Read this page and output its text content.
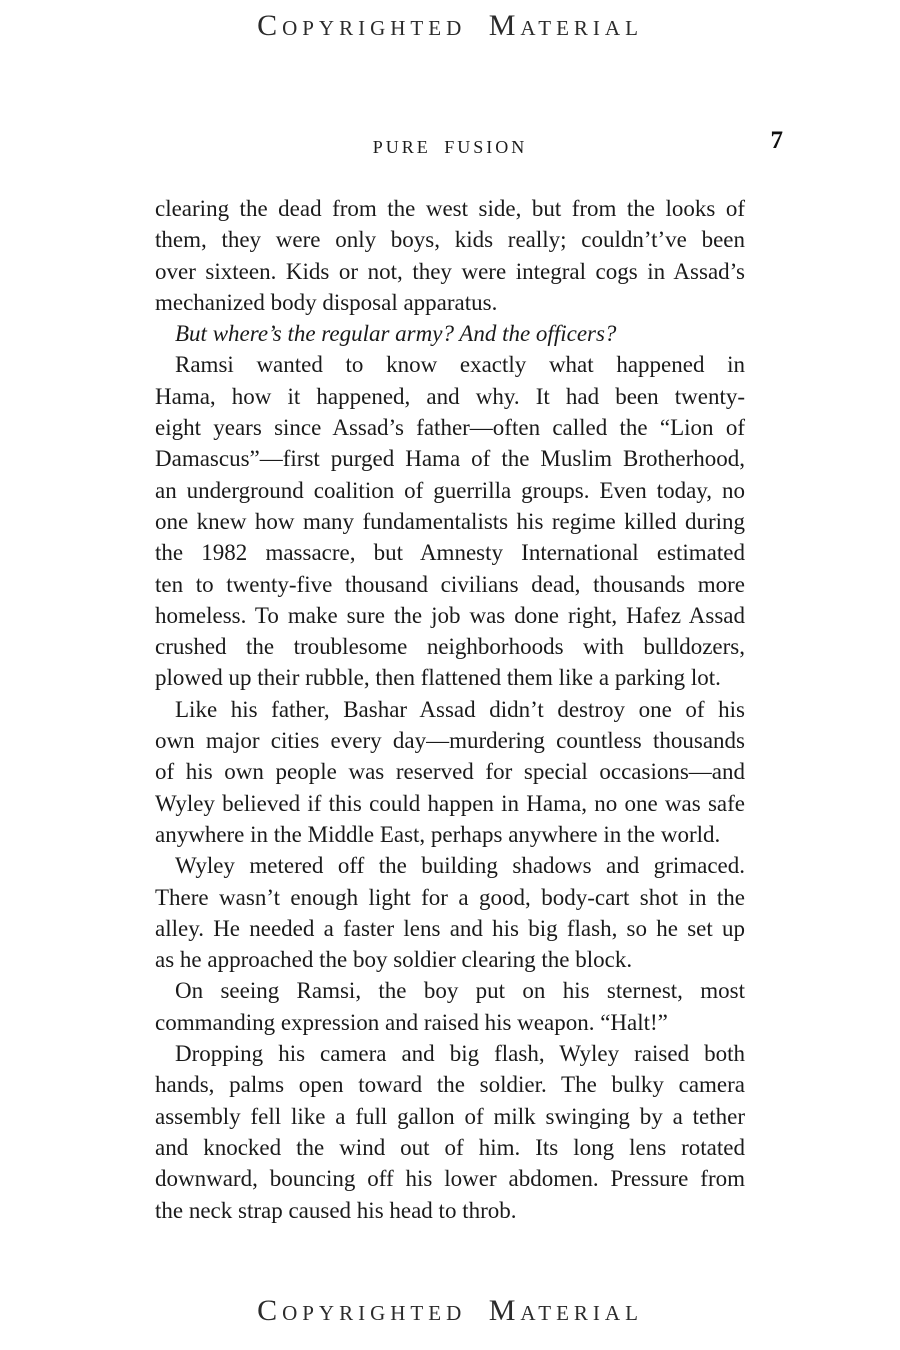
Copyrighted Material
PURE FUSION	7
clearing the dead from the west side, but from the looks of
them, they were only boys, kids really; couldn’t’ve been
over sixteen. Kids or not, they were integral cogs in Assad’s
mechanized body disposal apparatus.
But where’s the regular army? And the officers?
Ramsi wanted to know exactly what happened in
Hama, how it happened, and why. It had been twenty-
eight years since Assad’s father—often called the “Lion of
Damascus”—first purged Hama of the Muslim Brotherhood,
an underground coalition of guerrilla groups. Even today, no
one knew how many fundamentalists his regime killed during
the 1982 massacre, but Amnesty International estimated
ten to twenty-five thousand civilians dead, thousands more
homeless. To make sure the job was done right, Hafez Assad
crushed the troublesome neighborhoods with bulldozers,
plowed up their rubble, then flattened them like a parking lot.
Like his father, Bashar Assad didn’t destroy one of his
own major cities every day—murdering countless thousands
of his own people was reserved for special occasions—and
Wyley believed if this could happen in Hama, no one was safe
anywhere in the Middle East, perhaps anywhere in the world.
Wyley metered off the building shadows and grimaced.
There wasn’t enough light for a good, body-cart shot in the
alley. He needed a faster lens and his big flash, so he set up
as he approached the boy soldier clearing the block.
On seeing Ramsi, the boy put on his sternest, most
commanding expression and raised his weapon. “Halt!”
Dropping his camera and big flash, Wyley raised both
hands, palms open toward the soldier. The bulky camera
assembly fell like a full gallon of milk swinging by a tether
and knocked the wind out of him. Its long lens rotated
downward, bouncing off his lower abdomen. Pressure from
the neck strap caused his head to throb.
Copyrighted Material
